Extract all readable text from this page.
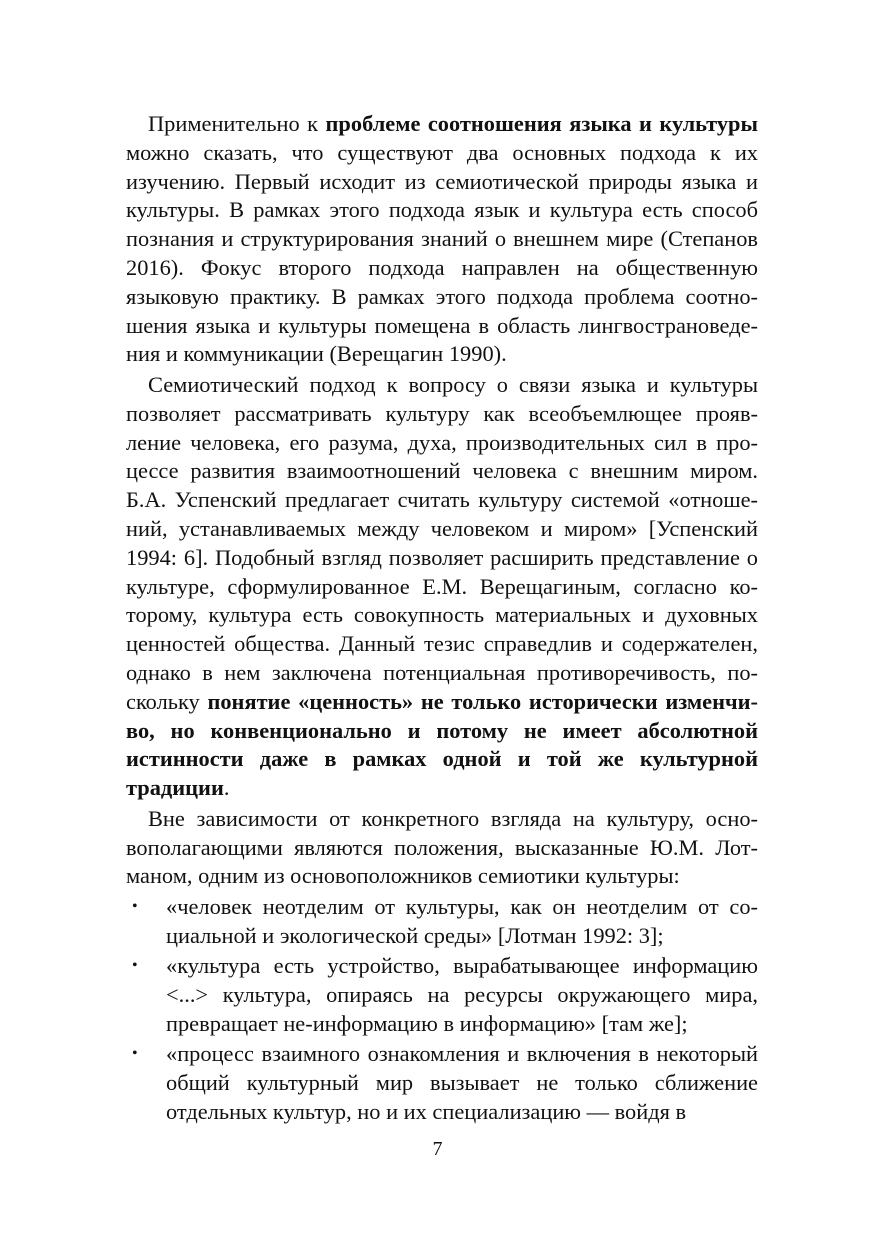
Применительно к проблеме соотношения языка и культуры можно сказать, что существуют два основных подхода к их изучению. Первый исходит из семиотической природы языка и культуры. В рамках этого подхода язык и культура есть способ познания и структурирования знаний о внешнем мире (Степанов 2016). Фокус второго подхода направлен на общественную языковую практику. В рамках этого подхода проблема соотношения языка и культуры помещена в область лингвострановедения и коммуникации (Верещагин 1990).

Семиотический подход к вопросу о связи языка и культуры позволяет рассматривать культуру как всеобъемлющее проявление человека, его разума, духа, производительных сил в процессе развития взаимоотношений человека с внешним миром. Б.А. Успенский предлагает считать культуру системой «отношений, устанавливаемых между человеком и миром» [Успенский 1994: 6]. Подобный взгляд позволяет расширить представление о культуре, сформулированное Е.М. Верещагиным, согласно которому, культура есть совокупность материальных и духовных ценностей общества. Данный тезис справедлив и содержателен, однако в нем заключена потенциальная противоречивость, поскольку понятие «ценность» не только исторически изменчиво, но конвенционально и потому не имеет абсолютной истинности даже в рамках одной и той же культурной традиции.

Вне зависимости от конкретного взгляда на культуру, основополагающими являются положения, высказанные Ю.М. Лотманом, одним из основоположников семиотики культуры:

• «человек неотделим от культуры, как он неотделим от социальной и экологической среды» [Лотман 1992: 3];
• «культура есть устройство, вырабатывающее информацию <...> культура, опираясь на ресурсы окружающего мира, превращает не-информацию в информацию» [там же];
• «процесс взаимного ознакомления и включения в некоторый общий культурный мир вызывает не только сближение отдельных культур, но и их специализацию — войдя в
7
